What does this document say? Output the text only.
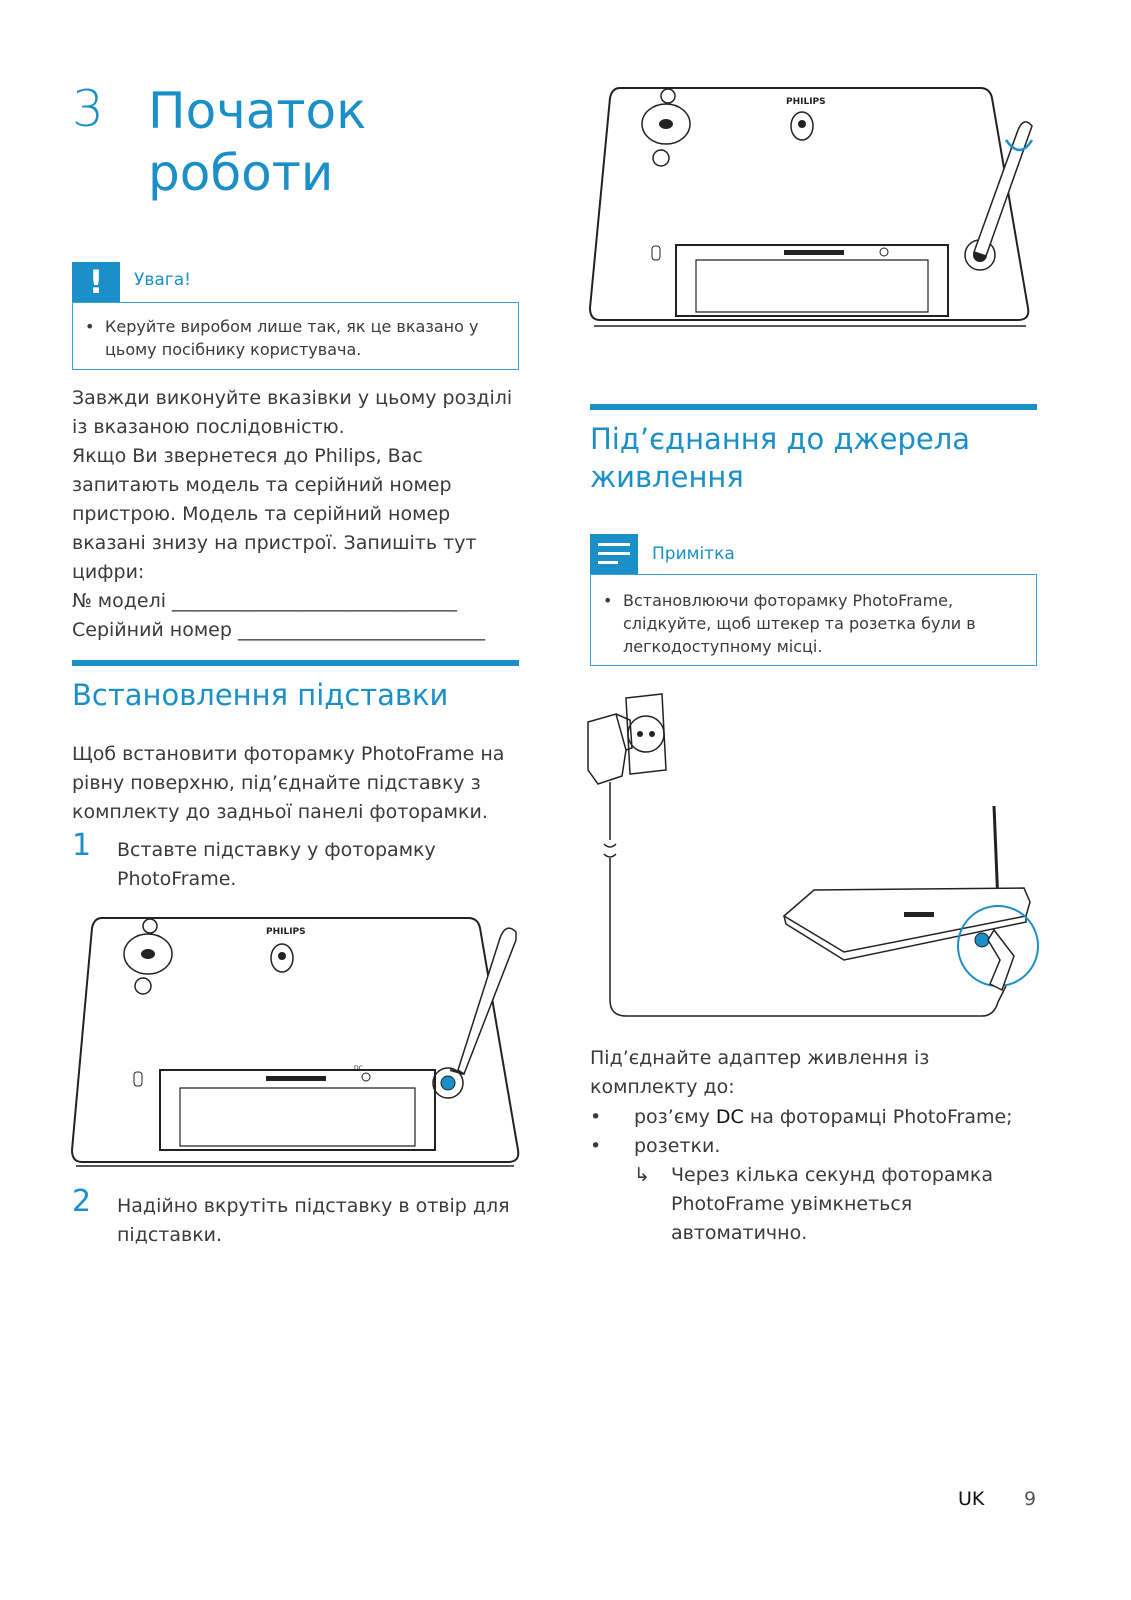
3 Початок
роботи
!	Увага!
• Керуйте виробом лише так, як це вказано у цьому посібнику користувача.
Завжди виконуйте вказівки у цьому розділі із вказаною послідовністю.
Якщо Ви звернетеся до Philips, Вас запитають модель та серійний номер пристрою. Модель та серійний номер вказані знизу на пристрої. Запишіть тут цифри:
№ моделі ______________________________
Серійний номер __________________________
Встановлення підставки
Щоб встановити фоторамку PhotoFrame на рівну поверхню, під’єднайте підставку з комплекту до задньої панелі фоторамки.
1 Вставте підставку у фоторамку PhotoFrame.
PHILIPS
DC
2 Надійно вкрутіть підставку в отвір для підставки.
PHILIPS
Під’єднання до джерела живлення
Примітка
• Встановлюючи фоторамку PhotoFrame, слідкуйте, щоб штекер та розетка були в легкодоступному місці.
Під’єднайте адаптер живлення із комплекту до:
• роз’єму DC на фоторамці PhotoFrame;
• розетки.
↳	Через кілька секунд фоторамка PhotoFrame увімкнеться автоматично.
UK 9
